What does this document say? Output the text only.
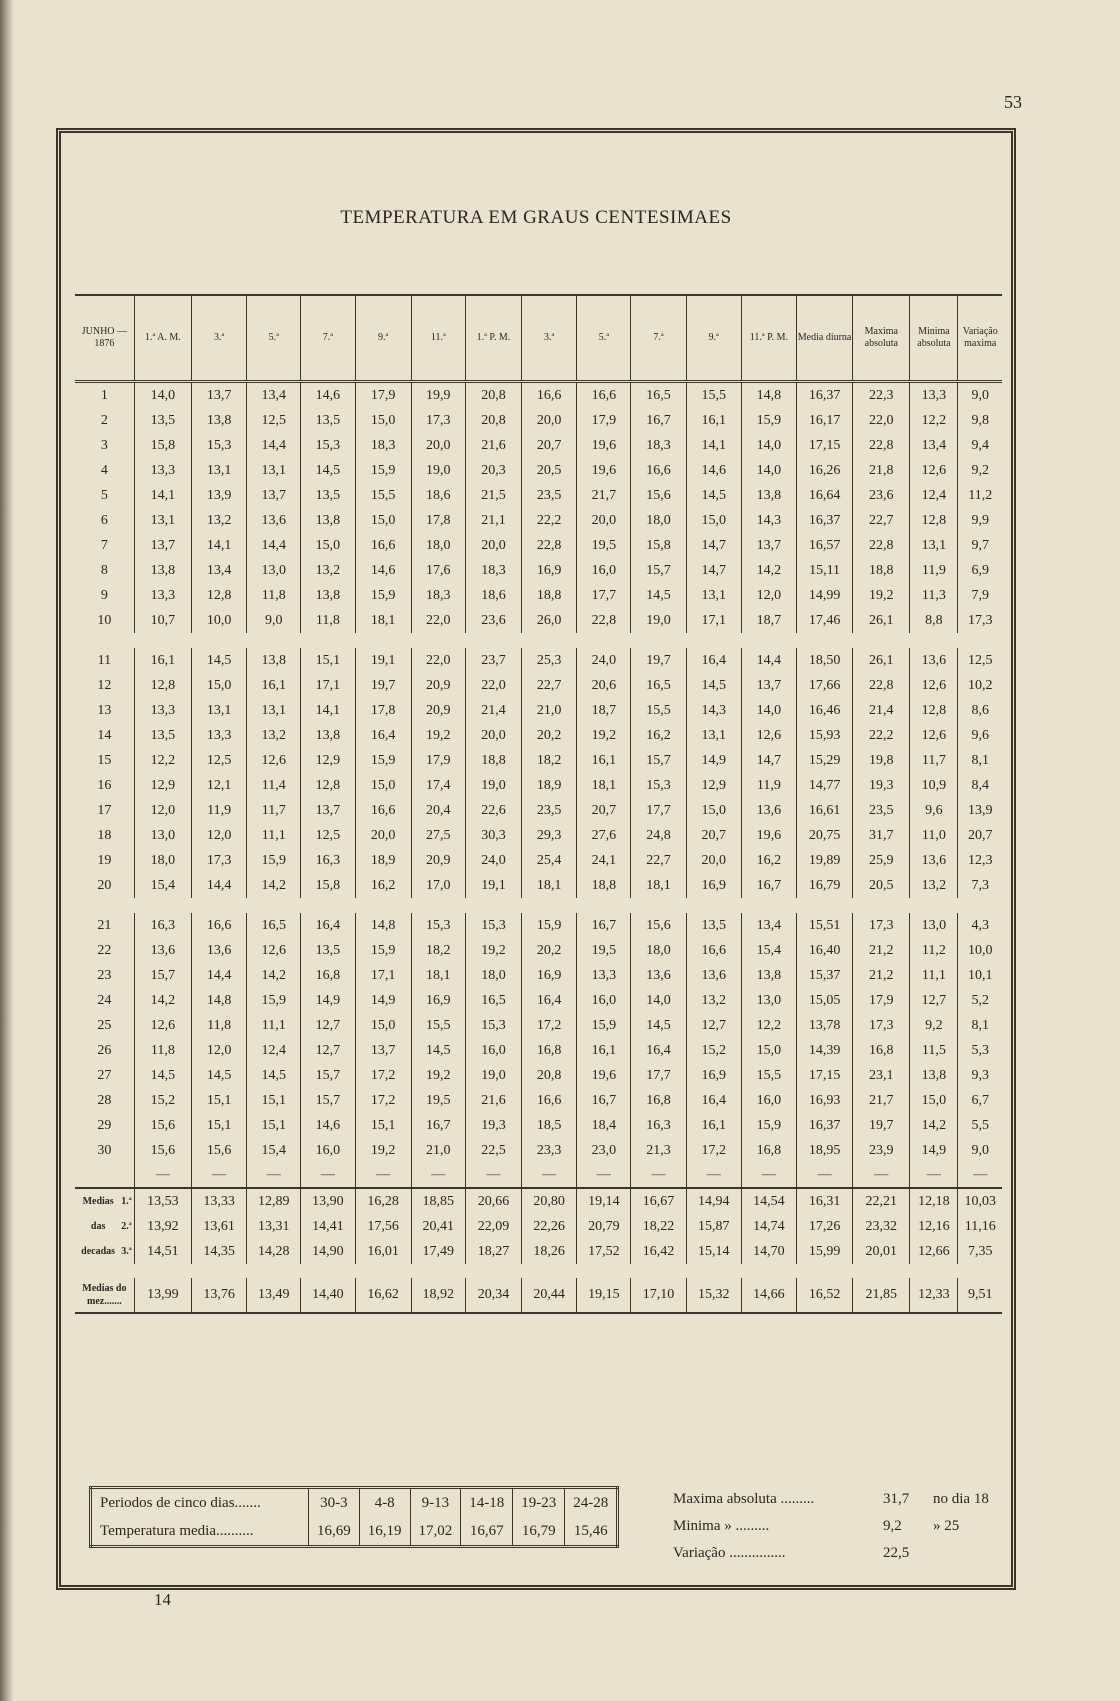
53
TEMPERATURA EM GRAUS CENTESIMAES
JUNHO — 1876	1.ª A. M.	3.ª	5.ª	7.ª	9.ª	11.ª	1.ª P. M.	3.ª	5.ª	7.ª	9.ª	11.ª P. M.	Media diurna	Maxima absoluta	Minima absoluta	Variação maxima
1	14,0	13,7	13,4	14,6	17,9	19,9	20,8	16,6	16,6	16,5	15,5	14,8	16,37	22,3	13,3	9,0
2	13,5	13,8	12,5	13,5	15,0	17,3	20,8	20,0	17,9	16,7	16,1	15,9	16,17	22,0	12,2	9,8
3	15,8	15,3	14,4	15,3	18,3	20,0	21,6	20,7	19,6	18,3	14,1	14,0	17,15	22,8	13,4	9,4
4	13,3	13,1	13,1	14,5	15,9	19,0	20,3	20,5	19,6	16,6	14,6	14,0	16,26	21,8	12,6	9,2
5	14,1	13,9	13,7	13,5	15,5	18,6	21,5	23,5	21,7	15,6	14,5	13,8	16,64	23,6	12,4	11,2
6	13,1	13,2	13,6	13,8	15,0	17,8	21,1	22,2	20,0	18,0	15,0	14,3	16,37	22,7	12,8	9,9
7	13,7	14,1	14,4	15,0	16,6	18,0	20,0	22,8	19,5	15,8	14,7	13,7	16,57	22,8	13,1	9,7
8	13,8	13,4	13,0	13,2	14,6	17,6	18,3	16,9	16,0	15,7	14,7	14,2	15,11	18,8	11,9	6,9
9	13,3	12,8	11,8	13,8	15,9	18,3	18,6	18,8	17,7	14,5	13,1	12,0	14,99	19,2	11,3	7,9
10	10,7	10,0	9,0	11,8	18,1	22,0	23,6	26,0	22,8	19,0	17,1	18,7	17,46	26,1	8,8	17,3

11	16,1	14,5	13,8	15,1	19,1	22,0	23,7	25,3	24,0	19,7	16,4	14,4	18,50	26,1	13,6	12,5
12	12,8	15,0	16,1	17,1	19,7	20,9	22,0	22,7	20,6	16,5	14,5	13,7	17,66	22,8	12,6	10,2
13	13,3	13,1	13,1	14,1	17,8	20,9	21,4	21,0	18,7	15,5	14,3	14,0	16,46	21,4	12,8	8,6
14	13,5	13,3	13,2	13,8	16,4	19,2	20,0	20,2	19,2	16,2	13,1	12,6	15,93	22,2	12,6	9,6
15	12,2	12,5	12,6	12,9	15,9	17,9	18,8	18,2	16,1	15,7	14,9	14,7	15,29	19,8	11,7	8,1
16	12,9	12,1	11,4	12,8	15,0	17,4	19,0	18,9	18,1	15,3	12,9	11,9	14,77	19,3	10,9	8,4
17	12,0	11,9	11,7	13,7	16,6	20,4	22,6	23,5	20,7	17,7	15,0	13,6	16,61	23,5	9,6	13,9
18	13,0	12,0	11,1	12,5	20,0	27,5	30,3	29,3	27,6	24,8	20,7	19,6	20,75	31,7	11,0	20,7
19	18,0	17,3	15,9	16,3	18,9	20,9	24,0	25,4	24,1	22,7	20,0	16,2	19,89	25,9	13,6	12,3
20	15,4	14,4	14,2	15,8	16,2	17,0	19,1	18,1	18,8	18,1	16,9	16,7	16,79	20,5	13,2	7,3

21	16,3	16,6	16,5	16,4	14,8	15,3	15,3	15,9	16,7	15,6	13,5	13,4	15,51	17,3	13,0	4,3
22	13,6	13,6	12,6	13,5	15,9	18,2	19,2	20,2	19,5	18,0	16,6	15,4	16,40	21,2	11,2	10,0
23	15,7	14,4	14,2	16,8	17,1	18,1	18,0	16,9	13,3	13,6	13,6	13,8	15,37	21,2	11,1	10,1
24	14,2	14,8	15,9	14,9	14,9	16,9	16,5	16,4	16,0	14,0	13,2	13,0	15,05	17,9	12,7	5,2
25	12,6	11,8	11,1	12,7	15,0	15,5	15,3	17,2	15,9	14,5	12,7	12,2	13,78	17,3	9,2	8,1
26	11,8	12,0	12,4	12,7	13,7	14,5	16,0	16,8	16,1	16,4	15,2	15,0	14,39	16,8	11,5	5,3
27	14,5	14,5	14,5	15,7	17,2	19,2	19,0	20,8	19,6	17,7	16,9	15,5	17,15	23,1	13,8	9,3
28	15,2	15,1	15,1	15,7	17,2	19,5	21,6	16,6	16,7	16,8	16,4	16,0	16,93	21,7	15,0	6,7
29	15,6	15,1	15,1	14,6	15,1	16,7	19,3	18,5	18,4	16,3	16,1	15,9	16,37	19,7	14,2	5,5
30	15,6	15,6	15,4	16,0	19,2	21,0	22,5	23,3	23,0	21,3	17,2	16,8	18,95	23,9	14,9	9,0
	—	—	—	—	—	—	—	—	—	—	—	—	—	—	—	—
Medias 1.ª	13,53	13,33	12,89	13,90	16,28	18,85	20,66	20,80	19,14	16,67	14,94	14,54	16,31	22,21	12,18	10,03
das 2.ª	13,92	13,61	13,31	14,41	17,56	20,41	22,09	22,26	20,79	18,22	15,87	14,74	17,26	23,32	12,16	11,16
decadas 3.ª	14,51	14,35	14,28	14,90	16,01	17,49	18,27	18,26	17,52	16,42	15,14	14,70	15,99	20,01	12,66	7,35

Medias do mez.......	13,99	13,76	13,49	14,40	16,62	18,92	20,34	20,44	19,15	17,10	15,32	14,66	16,52	21,85	12,33	9,51
Periodos de cinco dias.......	30-3	4-8	9-13	14-18	19-23	24-28
Temperatura media..........	16,69	16,19	17,02	16,67	16,79	15,46
Maxima absoluta .........	31,7 no dia 18
Minima » .........	9,2 » 25
Variação ...............	22,5
14
